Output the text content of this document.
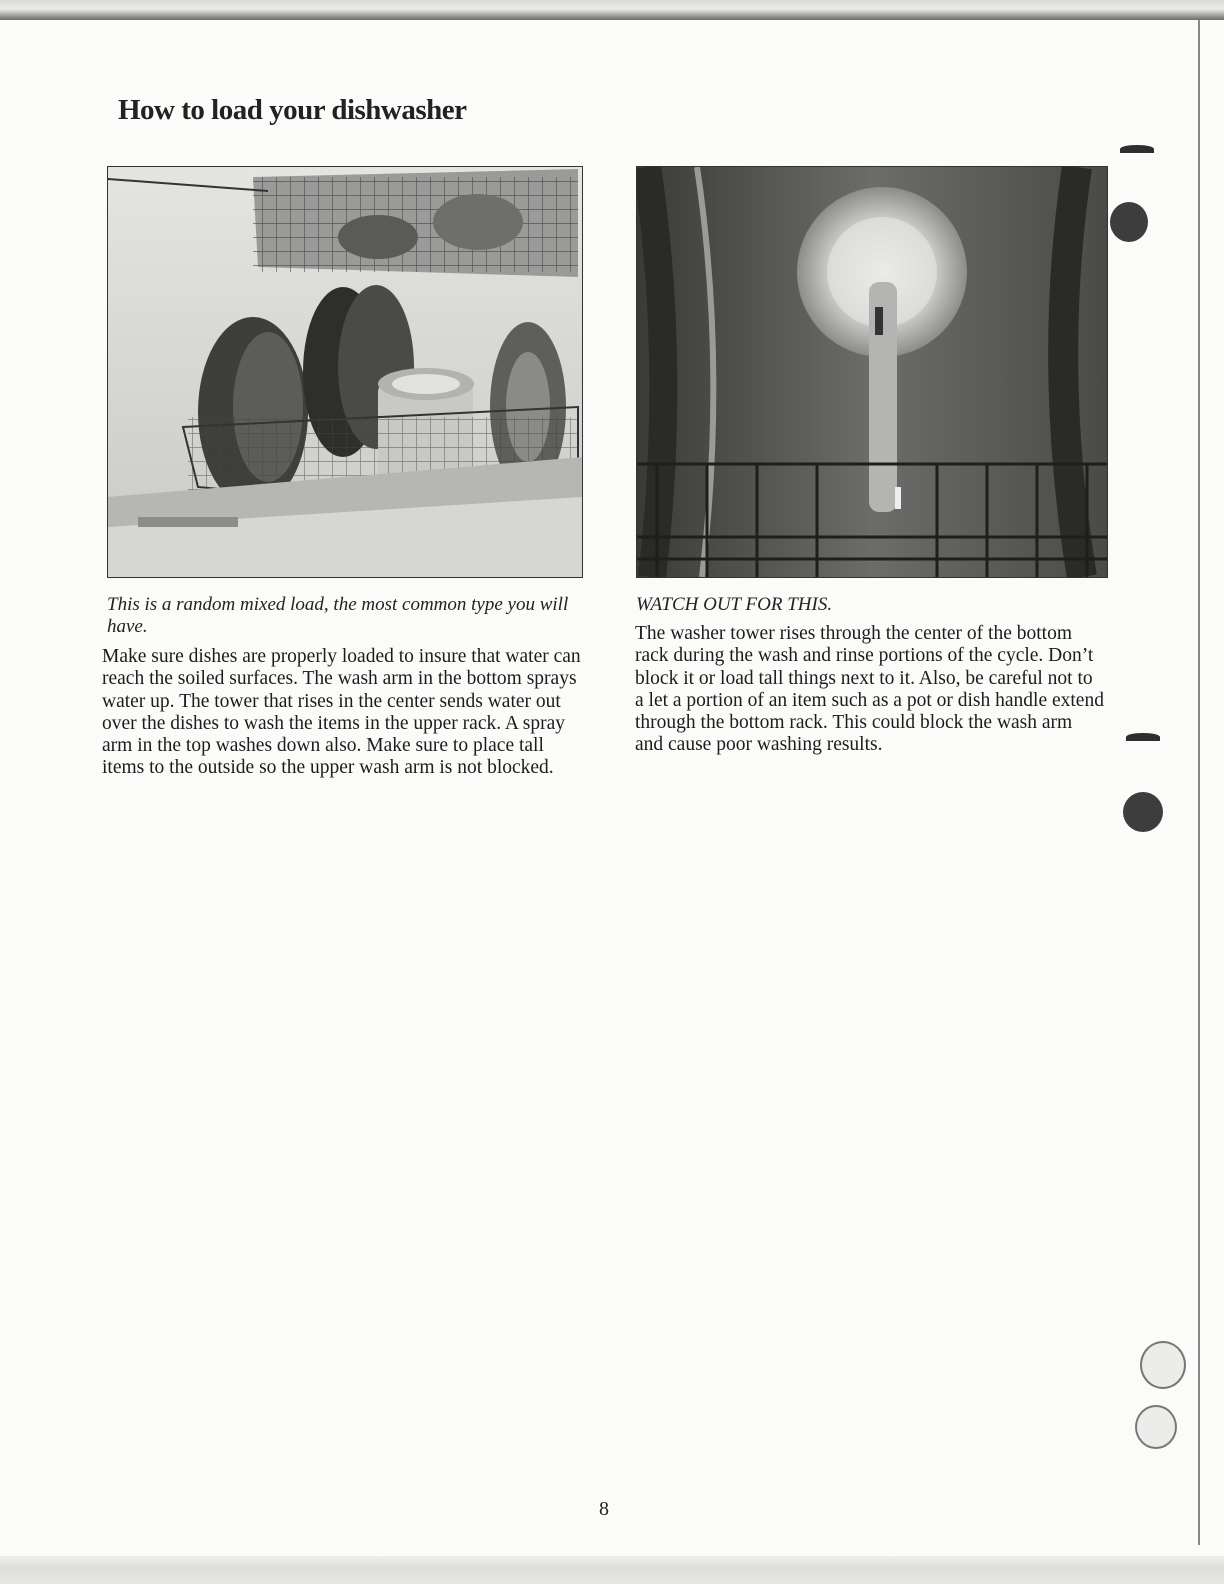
How to load your dishwasher

This is a random mixed load, the most common type you will have.

Make sure dishes are properly loaded to insure that water can reach the soiled surfaces. The wash arm in the bottom sprays water up. The tower that rises in the center sends water out over the dishes to wash the items in the upper rack. A spray arm in the top washes down also. Make sure to place tall items to the outside so the upper wash arm is not blocked.

WATCH OUT FOR THIS.

The washer tower rises through the center of the bottom rack during the wash and rinse portions of the cycle. Don’t block it or load tall things next to it. Also, be careful not to a let a portion of an item such as a pot or dish handle extend through the bottom rack. This could block the wash arm and cause poor washing results.

8
